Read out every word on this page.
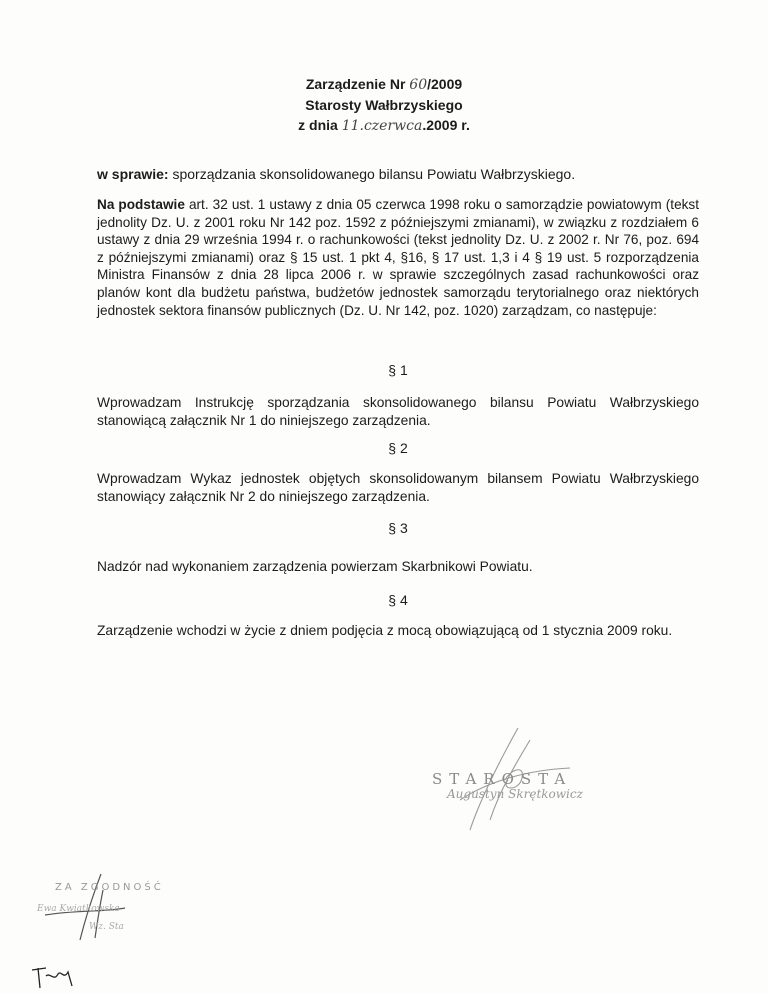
Zarządzenie Nr 60/2009
Starosty Wałbrzyskiego
z dnia 11.czerwca.2009 r.
w sprawie: sporządzania skonsolidowanego bilansu Powiatu Wałbrzyskiego.
Na podstawie art. 32 ust. 1 ustawy z dnia 05 czerwca 1998 roku o samorządzie powiatowym (tekst jednolity Dz. U. z 2001 roku Nr 142 poz. 1592 z późniejszymi zmianami), w związku z rozdziałem 6 ustawy z dnia 29 września 1994 r. o rachunkowości (tekst jednolity Dz. U. z 2002 r. Nr 76, poz. 694 z późniejszymi zmianami) oraz § 15 ust. 1 pkt 4, §16, § 17 ust. 1,3 i 4 § 19 ust. 5 rozporządzenia Ministra Finansów z dnia 28 lipca 2006 r. w sprawie szczególnych zasad rachunkowości oraz planów kont dla budżetu państwa, budżetów jednostek samorządu terytorialnego oraz niektórych jednostek sektora finansów publicznych (Dz. U. Nr 142, poz. 1020) zarządzam, co następuje:
§ 1
Wprowadzam Instrukcję sporządzania skonsolidowanego bilansu Powiatu Wałbrzyskiego stanowiącą załącznik Nr 1 do niniejszego zarządzenia.
§ 2
Wprowadzam Wykaz jednostek objętych skonsolidowanym bilansem Powiatu Wałbrzyskiego stanowiący załącznik Nr 2 do niniejszego zarządzenia.
§ 3
Nadzór nad wykonaniem zarządzenia powierzam Skarbnikowi Powiatu.
§ 4
Zarządzenie wchodzi w życie z dniem podjęcia z mocą obowiązującą od 1 stycznia 2009 roku.
STAROSTA
Augustyn Skrętkowicz
ZA ZGODNOŚĆ
Ewa Kwiatkowska
Wz. Sta
